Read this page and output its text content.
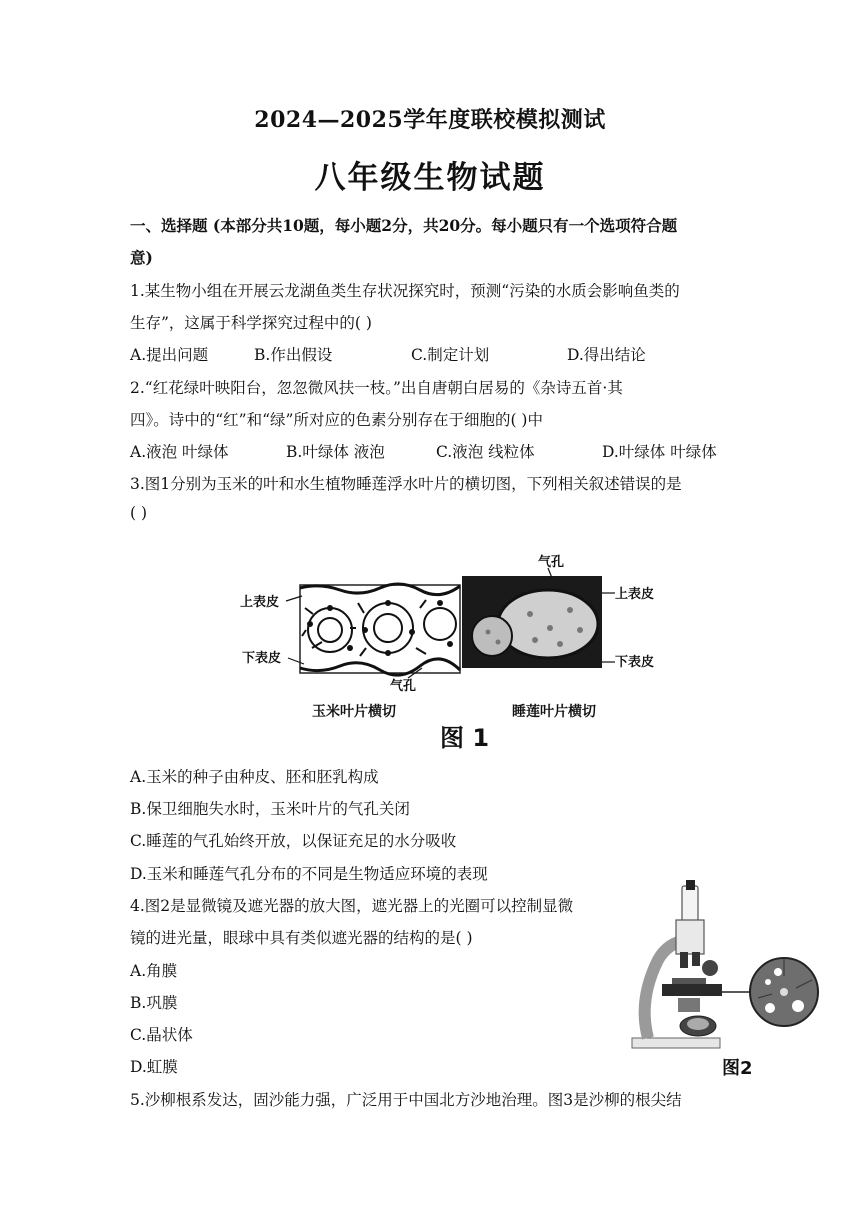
2024—2025学年度联校模拟测试
八年级生物试题
一、选择题 (本部分共10题，每小题2分，共20分。每小题只有一个选项符合题
意)
1.某生物小组在开展云龙湖鱼类生存状况探究时，预测“污染的水质会影响鱼类的
生存”，这属于科学探究过程中的( )
A.提出问题	B.作出假设	C.制定计划	D.得出结论
2.“红花绿叶映阳台，忽忽微风扶一枝。”出自唐朝白居易的《杂诗五首·其
四》。诗中的“红”和“绿”所对应的色素分别存在于细胞的( )中
A.液泡 叶绿体	B.叶绿体 液泡	C.液泡 线粒体	D.叶绿体 叶绿体
3.图1分别为玉米的叶和水生植物睡莲浮水叶片的横切图，下列相关叙述错误的是
( )
上表皮
下表皮
气孔
玉米叶片横切
气孔
上表皮
下表皮
睡莲叶片横切
图 1
A.玉米的种子由种皮、胚和胚乳构成
B.保卫细胞失水时，玉米叶片的气孔关闭
C.睡莲的气孔始终开放，以保证充足的水分吸收
D.玉米和睡莲气孔分布的不同是生物适应环境的表现
4.图2是显微镜及遮光器的放大图，遮光器上的光圈可以控制显微
镜的进光量，眼球中具有类似遮光器的结构的是( )
A.角膜
B.巩膜
C.晶状体
D.虹膜	图2
5.沙柳根系发达，固沙能力强，广泛用于中国北方沙地治理。图3是沙柳的根尖结
